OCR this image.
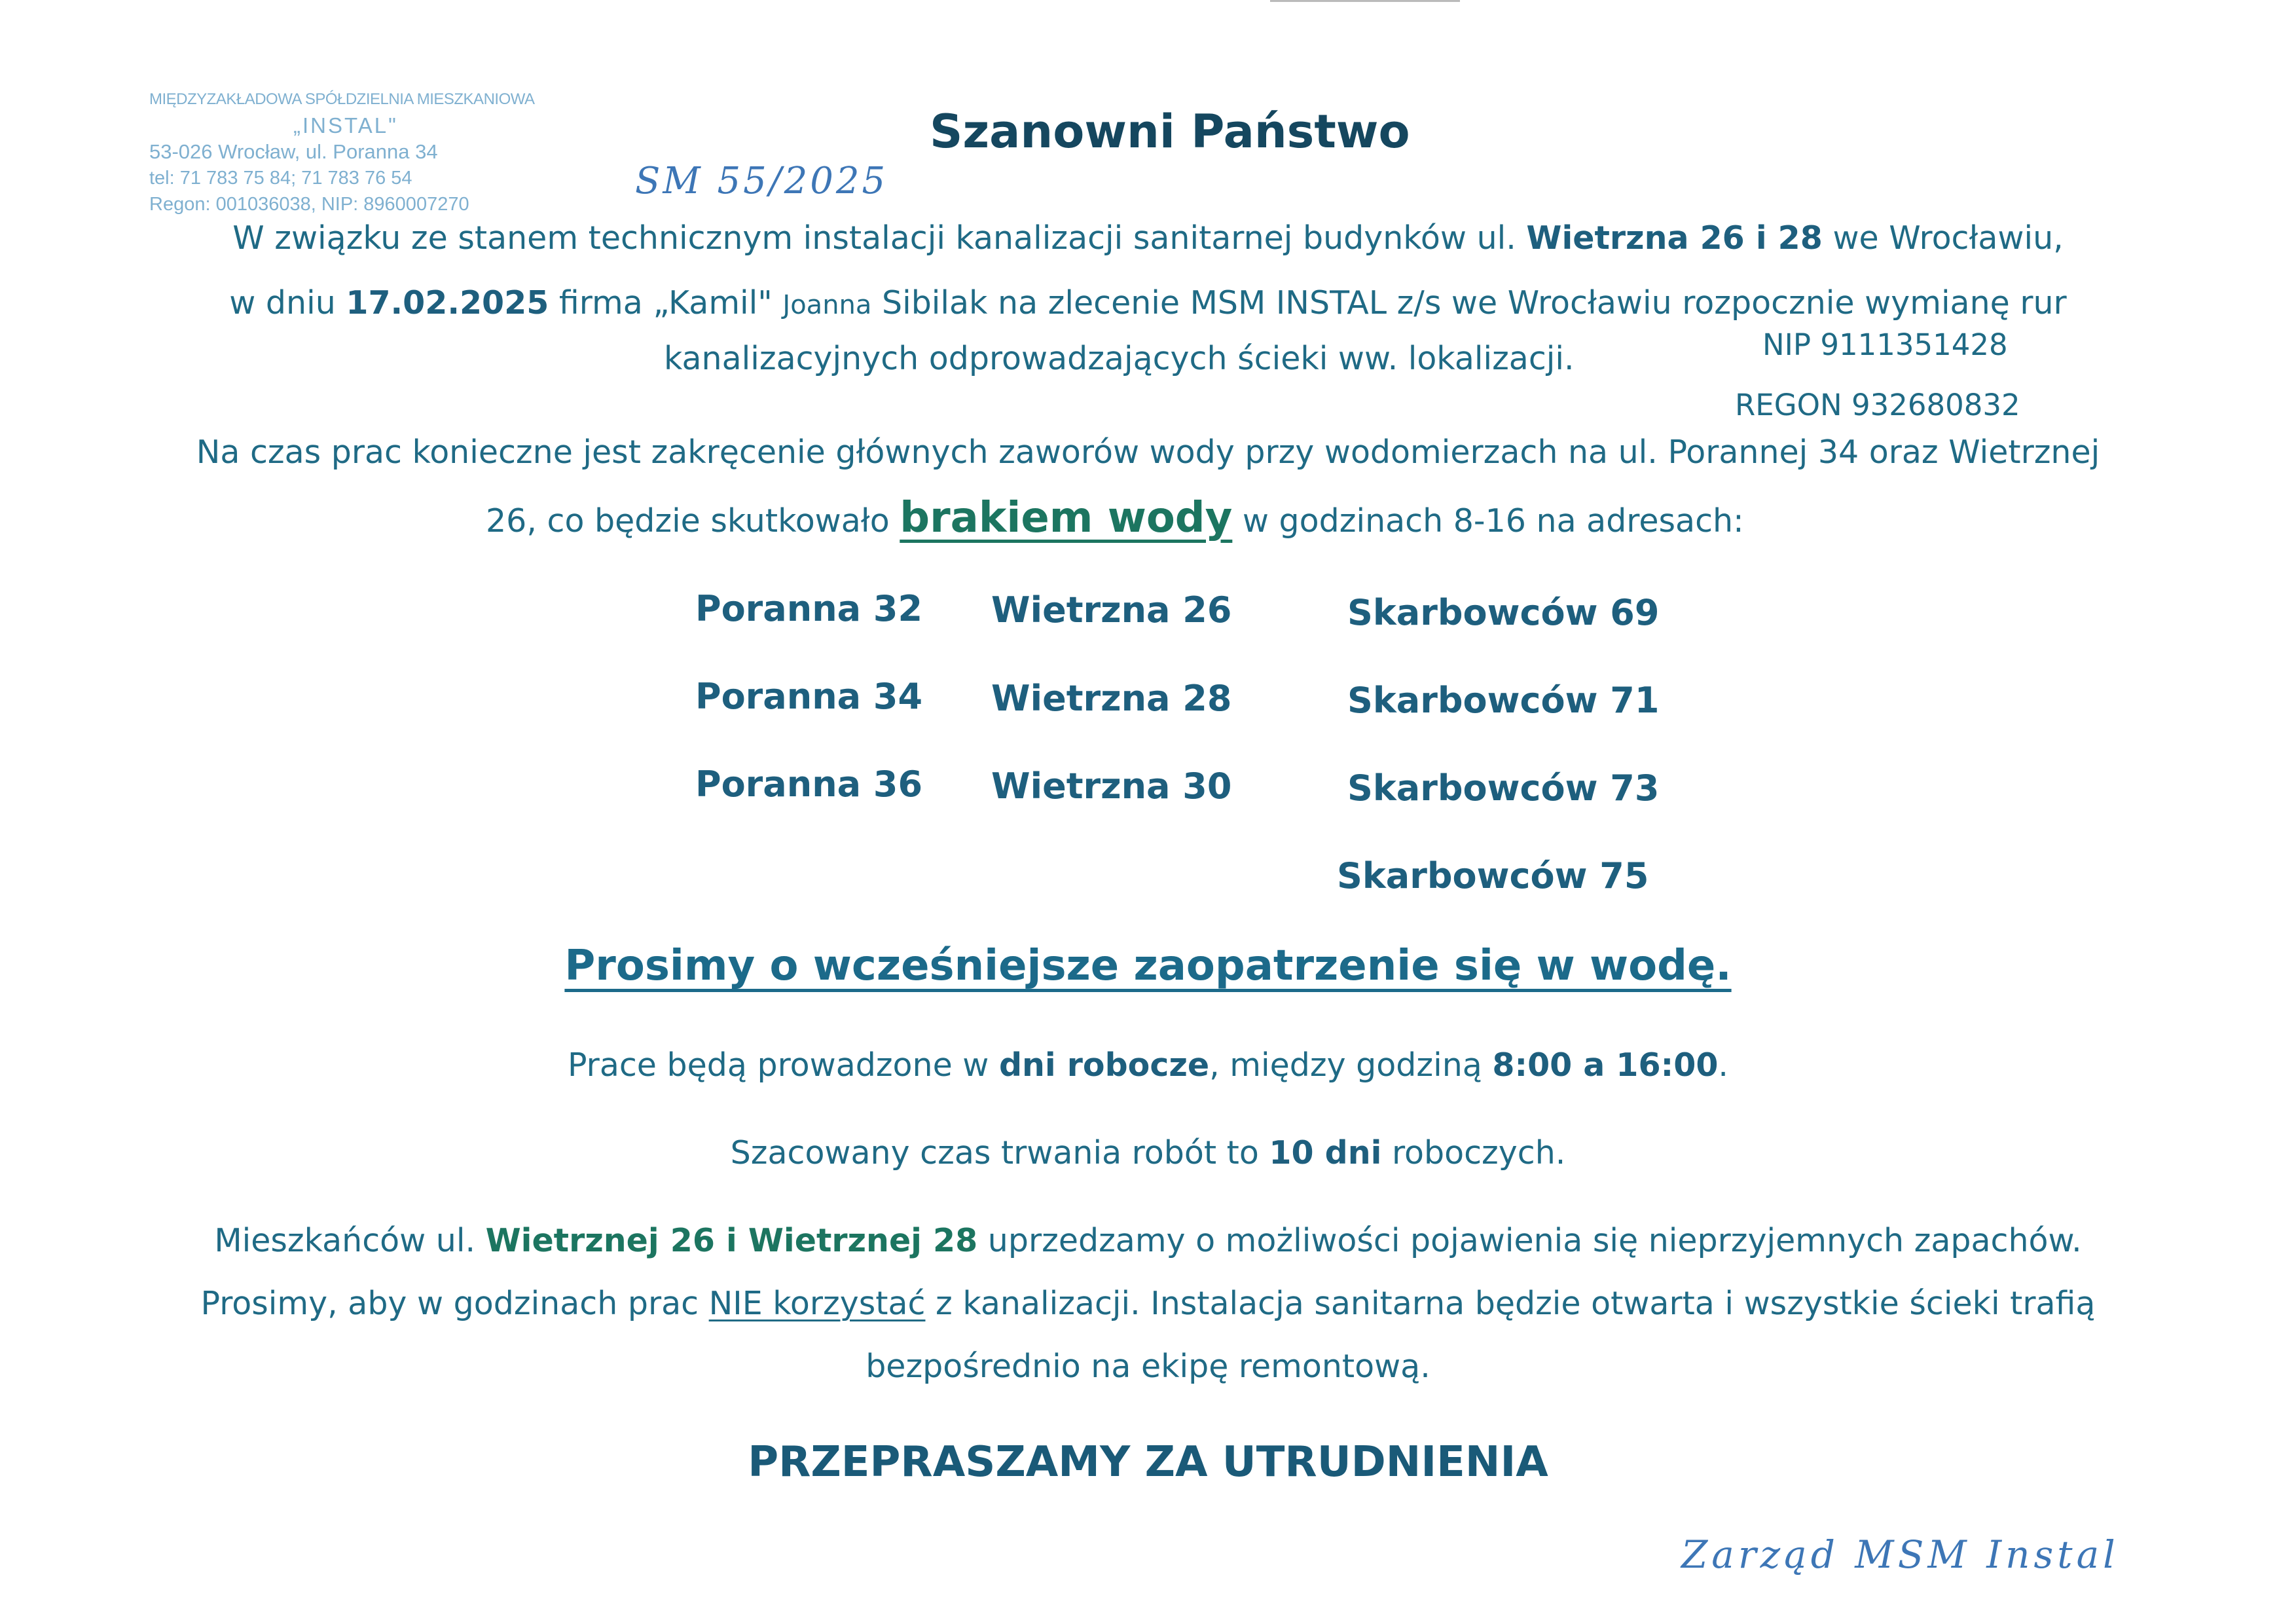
MIĘDZYZAKŁADOWA SPÓŁDZIELNIA MIESZKANIOWA
„INSTAL"
53-026 Wrocław, ul. Poranna 34
tel: 71 783 75 84; 71 783 76 54
Regon: 001036038, NIP: 8960007270
SM 55/2025
Szanowni Państwo
W związku ze stanem technicznym instalacji kanalizacji sanitarnej budynków ul. Wietrzna 26 i 28 we Wrocławiu,
w dniu 17.02.2025 firma „Kamil" Joanna Sibilak na zlecenie MSM INSTAL z/s we Wrocławiu rozpocznie wymianę rur
kanalizacyjnych odprowadzających ścieki ww. lokalizacji.	NIP 9111351428
REGON 932680832
Na czas prac konieczne jest zakręcenie głównych zaworów wody przy wodomierzach na ul. Porannej 34 oraz Wietrznej
26, co będzie skutkowało brakiem wody w godzinach 8-16 na adresach:
Poranna 32
Poranna 34
Poranna 36
Wietrzna 26
Wietrzna 28
Wietrzna 30
Skarbowców 69
Skarbowców 71
Skarbowców 73
Skarbowców 75
Prosimy o wcześniejsze zaopatrzenie się w wodę.
Prace będą prowadzone w dni robocze, między godziną 8:00 a 16:00.
Szacowany czas trwania robót to 10 dni roboczych.
Mieszkańców ul. Wietrznej 26 i Wietrznej 28 uprzedzamy o możliwości pojawienia się nieprzyjemnych zapachów.
Prosimy, aby w godzinach prac NIE korzystać z kanalizacji. Instalacja sanitarna będzie otwarta i wszystkie ścieki trafią
bezpośrednio na ekipę remontową.
PRZEPRASZAMY ZA UTRUDNIENIA
Zarząd MSM Instal
